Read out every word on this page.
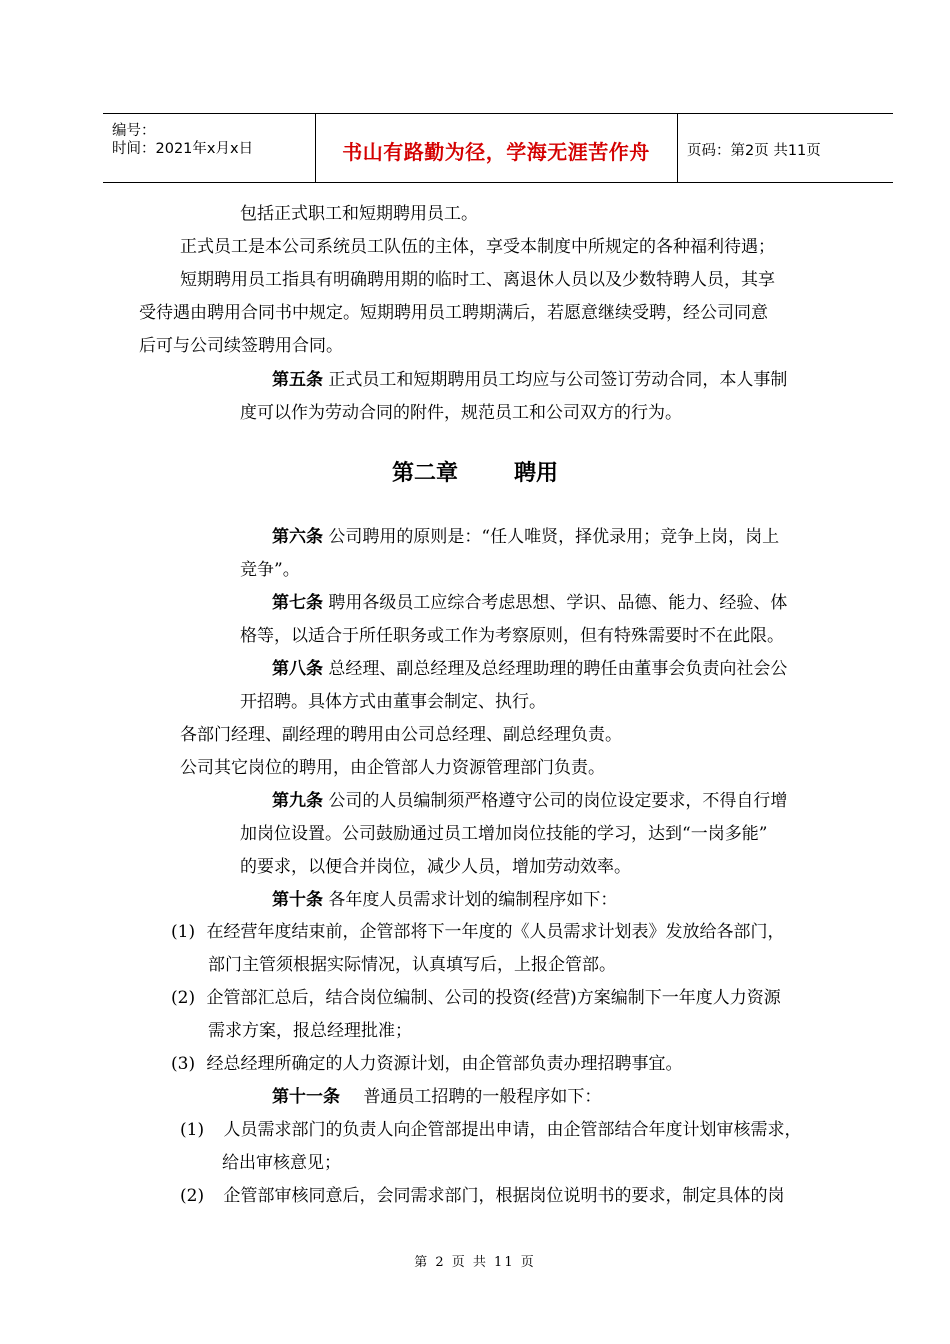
编号：
时间：2021年x月x日	书山有路勤为径，学海无涯苦作舟	页码：第2页 共11页
包括正式职工和短期聘用员工。
正式员工是本公司系统员工队伍的主体，享受本制度中所规定的各种福利待遇；
短期聘用员工指具有明确聘用期的临时工、离退休人员以及少数特聘人员，其享
受待遇由聘用合同书中规定。短期聘用员工聘期满后，若愿意继续受聘，经公司同意
后可与公司续签聘用合同。
第五条 正式员工和短期聘用员工均应与公司签订劳动合同，本人事制
度可以作为劳动合同的附件，规范员工和公司双方的行为。
第二章	聘用
第六条 公司聘用的原则是：“任人唯贤，择优录用；竞争上岗，岗上
竞争”。
第七条 聘用各级员工应综合考虑思想、学识、品德、能力、经验、体
格等，以适合于所任职务或工作为考察原则，但有特殊需要时不在此限。
第八条 总经理、副总经理及总经理助理的聘任由董事会负责向社会公
开招聘。具体方式由董事会制定、执行。
各部门经理、副经理的聘用由公司总经理、副总经理负责。
公司其它岗位的聘用，由企管部人力资源管理部门负责。
第九条 公司的人员编制须严格遵守公司的岗位设定要求，不得自行增
加岗位设置。公司鼓励通过员工增加岗位技能的学习，达到“一岗多能”
的要求，以便合并岗位，减少人员，增加劳动效率。
第十条 各年度人员需求计划的编制程序如下：
(1) 在经营年度结束前，企管部将下一年度的《人员需求计划表》发放给各部门，
部门主管须根据实际情况，认真填写后，上报企管部。
(2) 企管部汇总后，结合岗位编制、公司的投资(经营)方案编制下一年度人力资源
需求方案，报总经理批准；
(3) 经总经理所确定的人力资源计划，由企管部负责办理招聘事宜。
第十一条 普通员工招聘的一般程序如下：
(1) 人员需求部门的负责人向企管部提出申请，由企管部结合年度计划审核需求，
给出审核意见；
(2) 企管部审核同意后，会同需求部门，根据岗位说明书的要求，制定具体的岗
第 2 页 共 11 页
